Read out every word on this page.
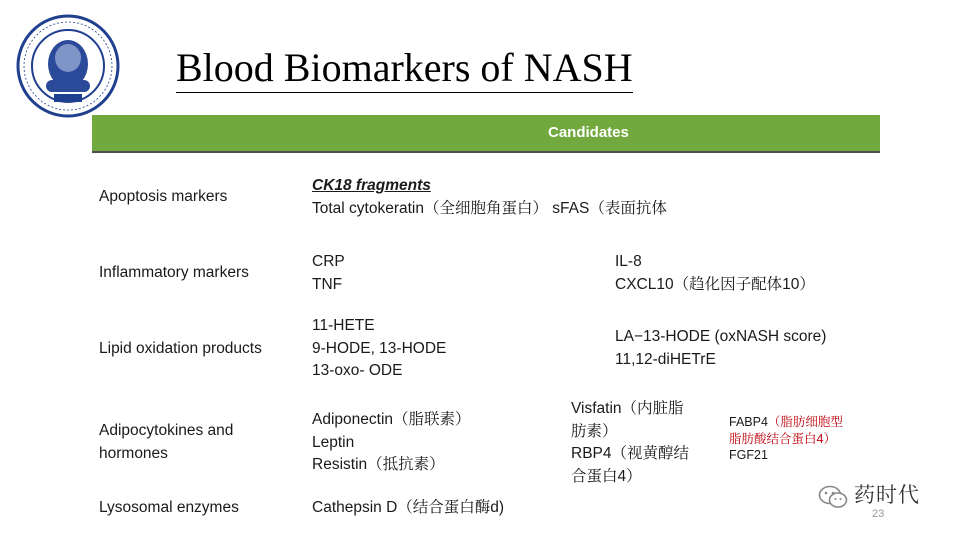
Blood Biomarkers of NASH
Candidates
Apoptosis markers
CK18 fragments
Total cytokeratin（全细胞角蛋白） sFAS（表面抗体
Inflammatory markers
CRP
TNF
IL-8
CXCL10（趋化因子配体10）
Lipid oxidation products
11-HETE
9-HODE, 13-HODE
13-oxo- ODE
LA−13-HODE (oxNASH score)
11,12-diHETrE
Adipocytokines and
hormones
Adiponectin（脂联素）
Leptin
Resistin（抵抗素）
Visfatin（内脏脂
肪素）
RBP4（视黄醇结
合蛋白4）
FABP4（脂肪细胞型
脂肪酸结合蛋白4）
FGF21
Lysosomal enzymes	Cathepsin D（结合蛋白酶d)
药时代
23
